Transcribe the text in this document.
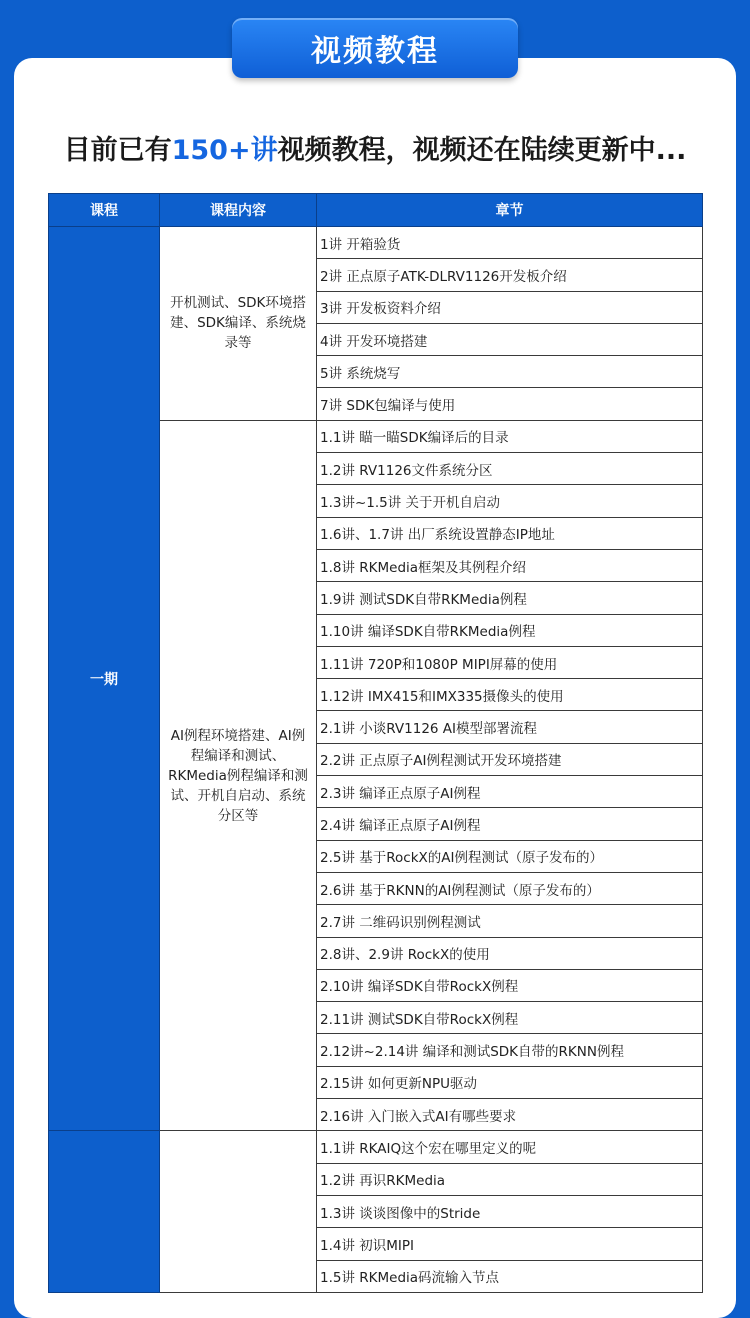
视频教程
目前已有150+讲视频教程，视频还在陆续更新中...
课程	课程内容	章节
一期	开机测试、SDK环境搭建、SDK编译、系统烧录等	1讲 开箱验货
		2讲 正点原子ATK-DLRV1126开发板介绍
		3讲 开发板资料介绍
		4讲 开发环境搭建
		5讲 系统烧写
		7讲 SDK包编译与使用
	AI例程环境搭建、AI例程编译和测试、RKMedia例程编译和测试、开机自启动、系统分区等	1.1讲 瞄一瞄SDK编译后的目录
		1.2讲 RV1126文件系统分区
		1.3讲~1.5讲 关于开机自启动
		1.6讲、1.7讲 出厂系统设置静态IP地址
		1.8讲 RKMedia框架及其例程介绍
		1.9讲 测试SDK自带RKMedia例程
		1.10讲 编译SDK自带RKMedia例程
		1.11讲 720P和1080P MIPI屏幕的使用
		1.12讲 IMX415和IMX335摄像头的使用
		2.1讲 小谈RV1126 AI模型部署流程
		2.2讲 正点原子AI例程测试开发环境搭建
		2.3讲 编译正点原子AI例程
		2.4讲 编译正点原子AI例程
		2.5讲 基于RockX的AI例程测试（原子发布的）
		2.6讲 基于RKNN的AI例程测试（原子发布的）
		2.7讲 二维码识别例程测试
		2.8讲、2.9讲 RockX的使用
		2.10讲 编译SDK自带RockX例程
		2.11讲 测试SDK自带RockX例程
		2.12讲~2.14讲 编译和测试SDK自带的RKNN例程
		2.15讲 如何更新NPU驱动
		2.16讲 入门嵌入式AI有哪些要求
		1.1讲 RKAIQ这个宏在哪里定义的呢
		1.2讲 再识RKMedia
		1.3讲 谈谈图像中的Stride
		1.4讲 初识MIPI
		1.5讲 RKMedia码流输入节点
